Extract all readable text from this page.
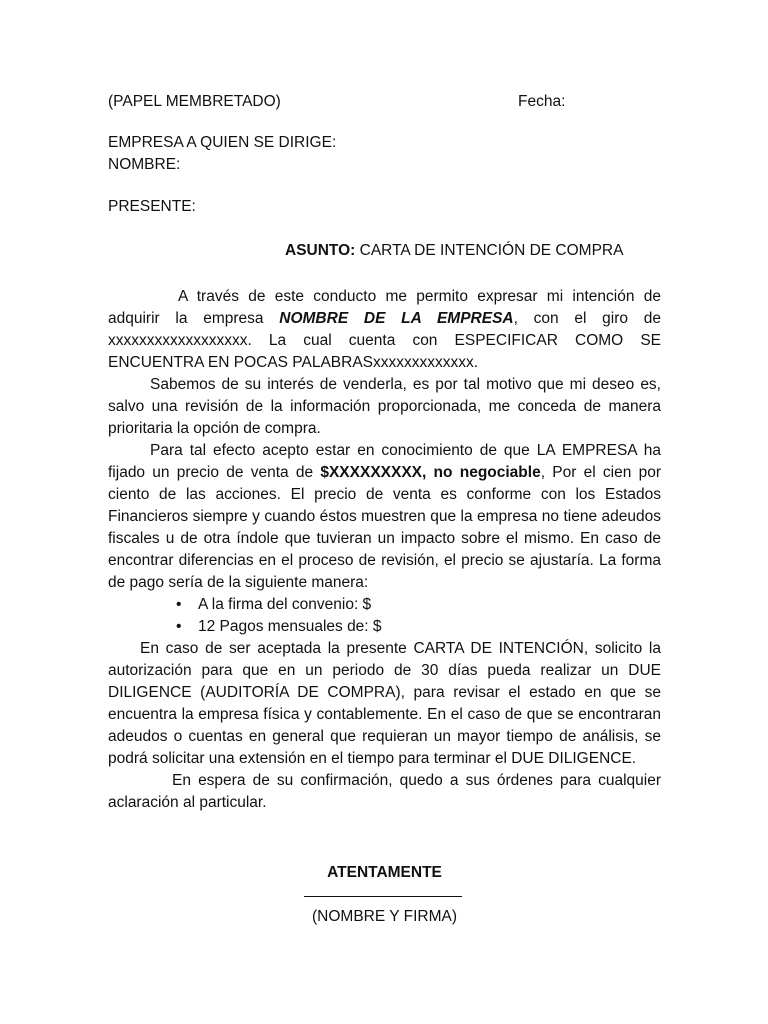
(PAPEL MEMBRETADO)	Fecha:
EMPRESA A QUIEN SE DIRIGE:
NOMBRE:
PRESENTE:
ASUNTO: CARTA DE INTENCIÓN DE COMPRA

A través de este conducto me permito expresar mi intención de adquirir la empresa NOMBRE DE LA EMPRESA, con el giro de xxxxxxxxxxxxxxxxxx. La cual cuenta con ESPECIFICAR COMO SE ENCUENTRA EN POCAS PALABRASxxxxxxxxxxxxx.

Sabemos de su interés de venderla, es por tal motivo que mi deseo es, salvo una revisión de la información proporcionada, me conceda de manera prioritaria la opción de compra.

Para tal efecto acepto estar en conocimiento de que LA EMPRESA ha fijado un precio de venta de $XXXXXXXXX, no negociable, Por el cien por ciento de las acciones. El precio de venta es conforme con los Estados Financieros siempre y cuando éstos muestren que la empresa no tiene adeudos fiscales u de otra índole que tuvieran un impacto sobre el mismo. En caso de encontrar diferencias en el proceso de revisión, el precio se ajustaría. La forma de pago sería de la siguiente manera:

• A la firma del convenio: $
• 12 Pagos mensuales de: $

En caso de ser aceptada la presente CARTA DE INTENCIÓN, solicito la autorización para que en un periodo de 30 días pueda realizar un DUE DILIGENCE (AUDITORÍA DE COMPRA), para revisar el estado en que se encuentra la empresa física y contablemente. En el caso de que se encontraran adeudos o cuentas en general que requieran un mayor tiempo de análisis, se podrá solicitar una extensión en el tiempo para terminar el DUE DILIGENCE.

En espera de su confirmación, quedo a sus órdenes para cualquier aclaración al particular.

ATENTAMENTE
(NOMBRE Y FIRMA)
